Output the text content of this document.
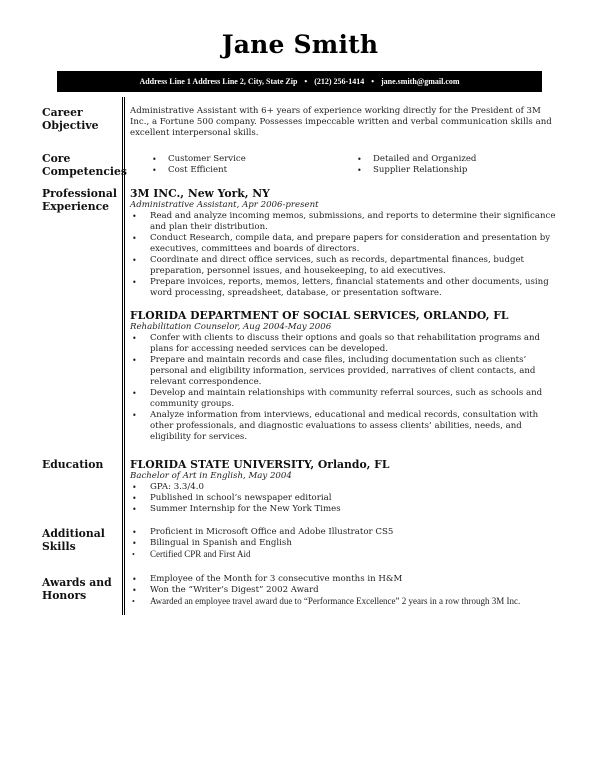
Jane Smith
Address Line 1 Address Line 2, City, State Zip • (212) 256-1414 • jane.smith@gmail.com
Career
Objective

Administrative Assistant with 6+ years of experience working directly for the President of 3M Inc., a Fortune 500 company. Possesses impeccable written and verbal communication skills and excellent interpersonal skills.

Core
Competencies
• Customer Service
• Cost Efficient
• Detailed and Organized
• Supplier Relationship
Professional
Experience
3M INC., New York, NY
Administrative Assistant, Apr 2006-present
• Read and analyze incoming memos, submissions, and reports to determine their significance and plan their distribution.
• Conduct Research, compile data, and prepare papers for consideration and presentation by executives, committees and boards of directors.
• Coordinate and direct office services, such as records, departmental finances, budget preparation, personnel issues, and housekeeping, to aid executives.
• Prepare invoices, reports, memos, letters, financial statements and other documents, using word processing, spreadsheet, database, or presentation software.
FLORIDA DEPARTMENT OF SOCIAL SERVICES, ORLANDO, FL
Rehabilitation Counselor, Aug 2004-May 2006
• Confer with clients to discuss their options and goals so that rehabilitation programs and plans for accessing needed services can be developed.
• Prepare and maintain records and case files, including documentation such as clients’ personal and eligibility information, services provided, narratives of client contacts, and relevant correspondence.
• Develop and maintain relationships with community referral sources, such as schools and community groups.
• Analyze information from interviews, educational and medical records, consultation with other professionals, and diagnostic evaluations to assess clients’ abilities, needs, and eligibility for services.
Education	FLORIDA STATE UNIVERSITY, Orlando, FL
Bachelor of Art in English, May 2004
• GPA: 3.3/4.0
• Published in school’s newspaper editorial
• Summer Internship for the New York Times
Additional
Skills
• Proficient in Microsoft Office and Adobe Illustrator CS5
• Bilingual in Spanish and English
• Certified CPR and First Aid
Awards and
Honors
• Employee of the Month for 3 consecutive months in H&M
• Won the “Writer’s Digest” 2002 Award
• Awarded an employee travel award due to “Performance Excellence” 2 years in a row through 3M Inc.
